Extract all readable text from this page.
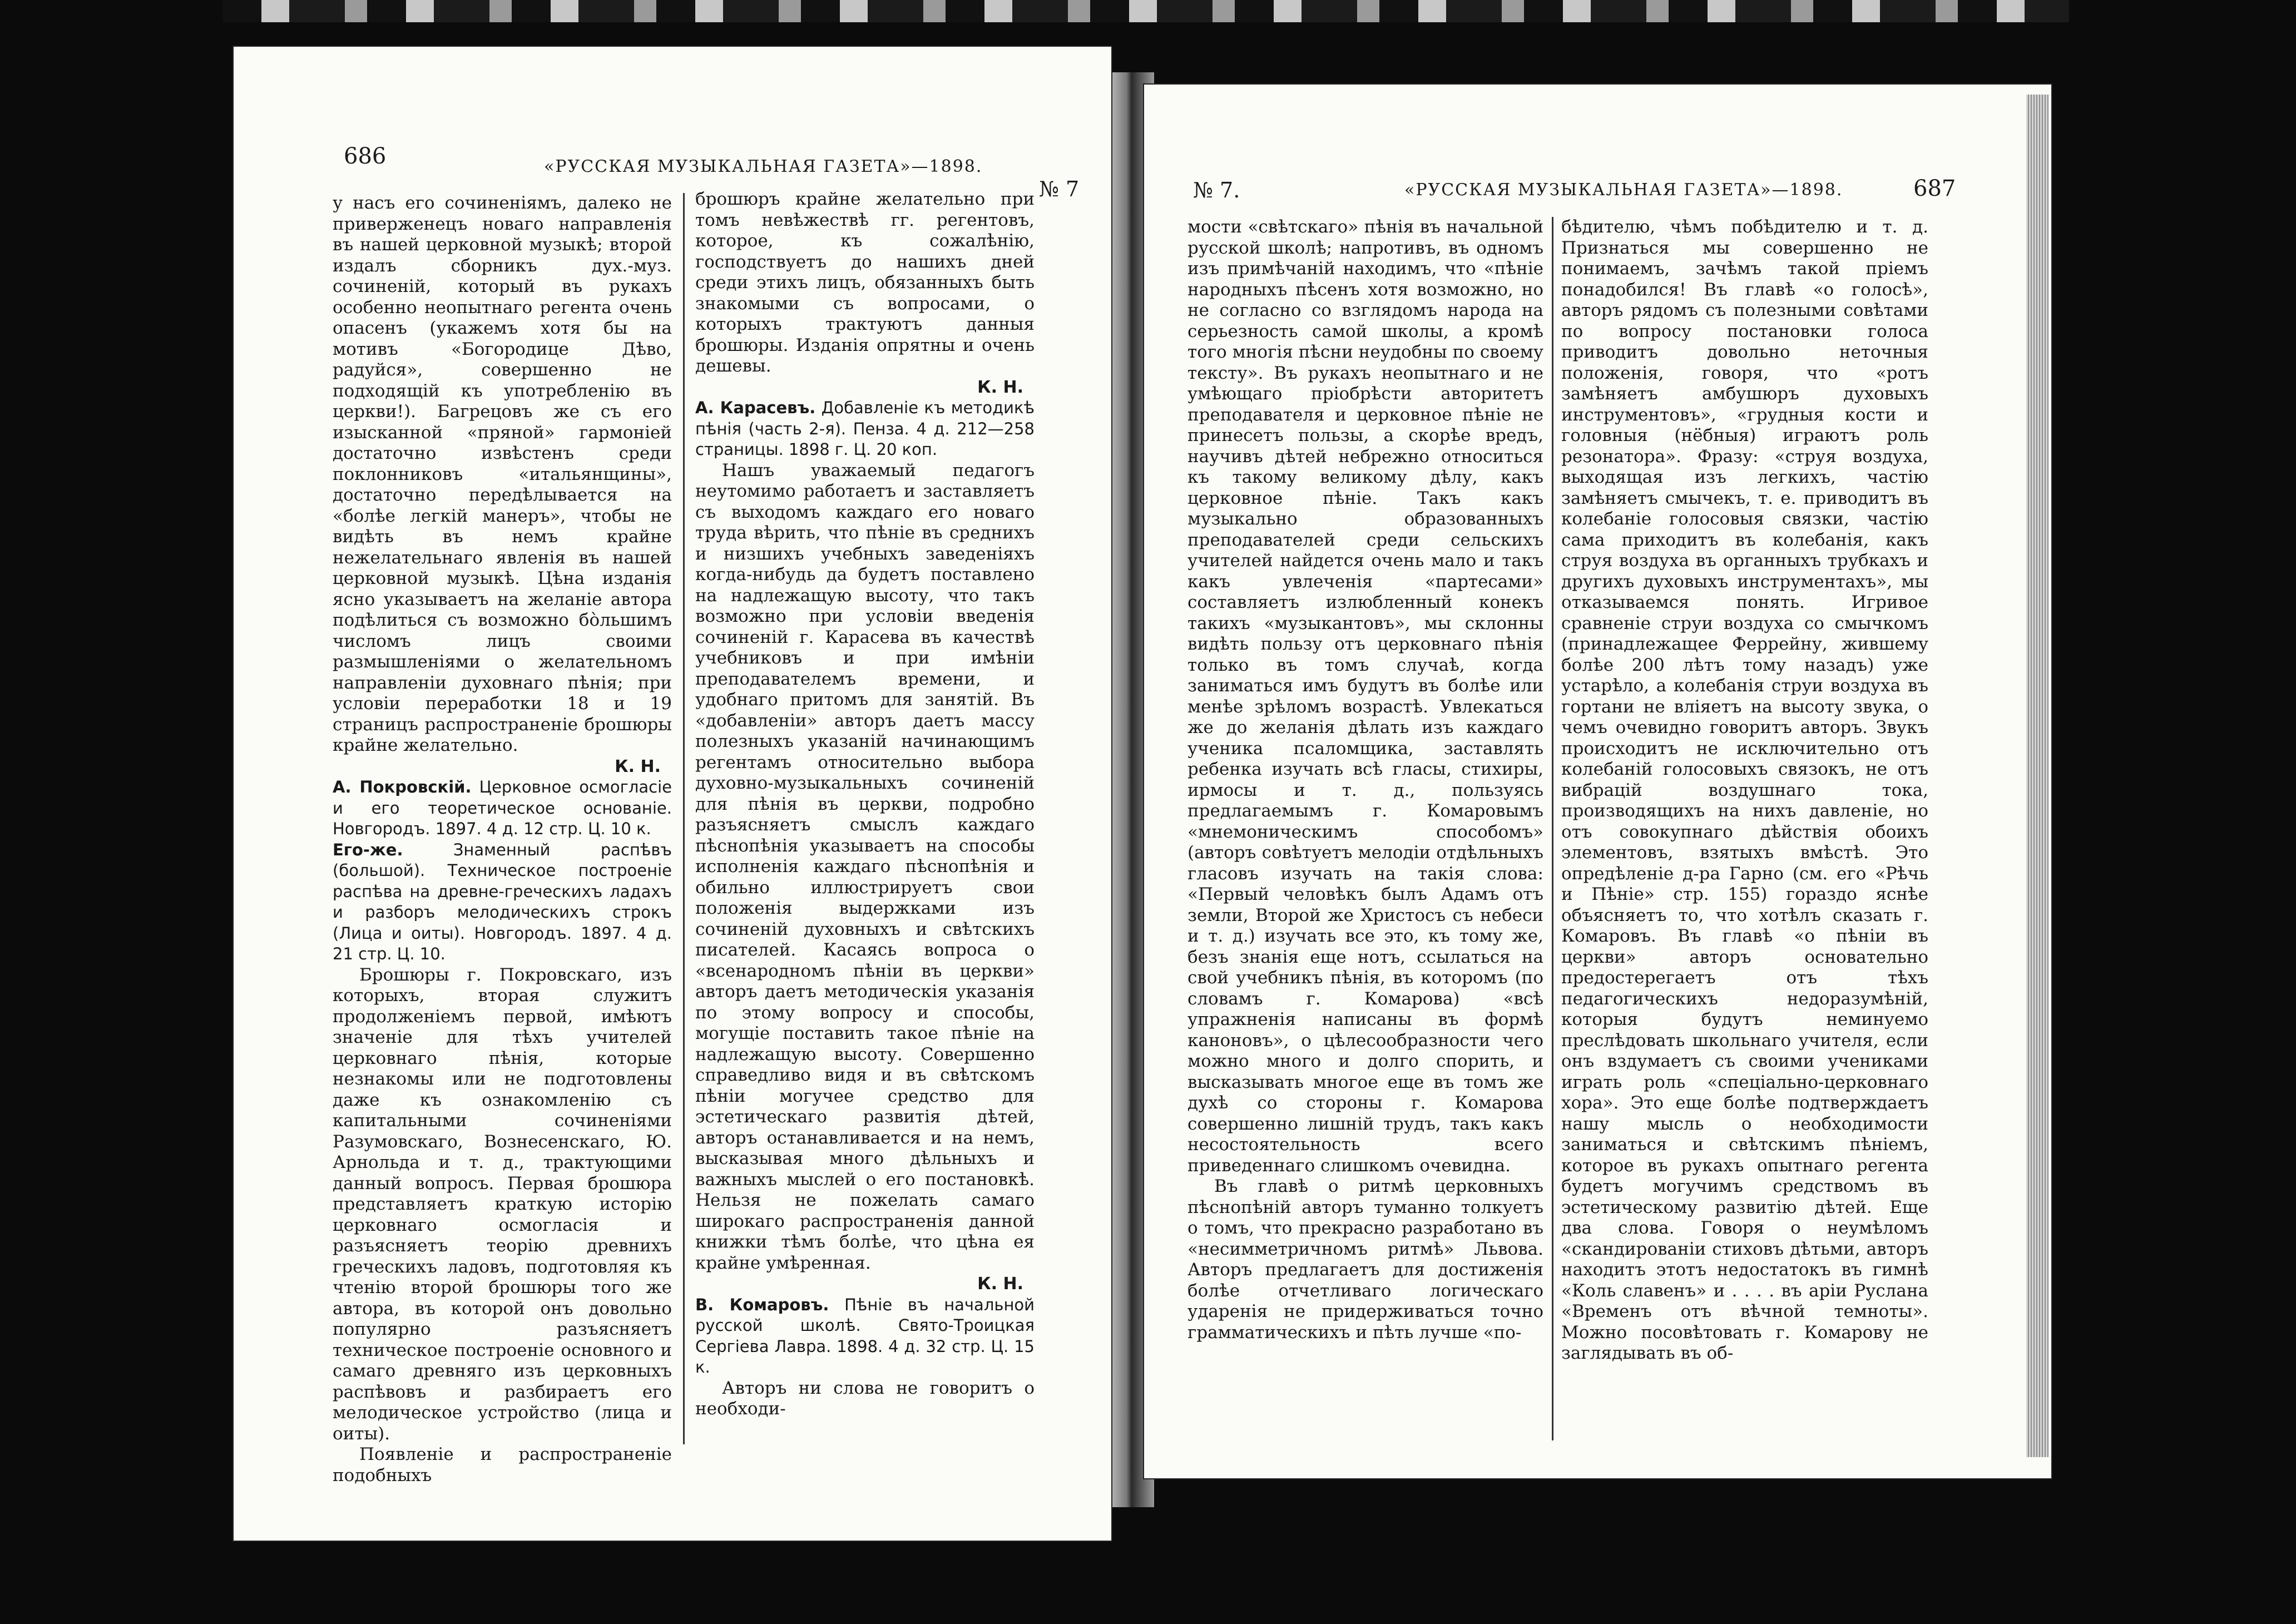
686	«РУССКАЯ МУЗЫКАЛЬНАЯ ГАЗЕТА»—1898.
№ 7

у насъ его сочиненіямъ, далеко не приверженецъ новаго направленія въ нашей церковной музыкѣ; второй издалъ сборникъ дух.-муз. сочиненій, который въ рукахъ особенно неопытнаго регента очень опасенъ (укажемъ хотя бы на мотивъ «Богородице Дѣво, радуйся», совершенно не подходящій къ употребленію въ церкви!). Багрецовъ же съ его изысканной «пряной» гармоніей достаточно извѣстенъ среди поклонниковъ «итальянщины», достаточно передѣлывается на «болѣе легкій манеръ», чтобы не видѣть въ немъ крайне нежелательнаго явленія въ нашей церковной музыкѣ. Цѣна изданія ясно указываетъ на желаніе автора подѣлиться съ возможно бо̀льшимъ числомъ лицъ своими размышленіями о желательномъ направленіи духовнаго пѣнія; при условіи переработки 18 и 19 страницъ распространеніе брошюры крайне желательно.

К. Н.

А. Покровскій. Церковное осмогласіе и его теоретическое основаніе. Новгородъ. 1897. 4 д. 12 стр. Ц. 10 к.

Его-же.	Знаменный распѣвъ (большой). Техническое построеніе распѣва на древне-греческихъ ладахъ и разборъ мелодическихъ строкъ (Лица и оиты). Новгородъ. 1897. 4 д. 21 стр. Ц. 10.

Брошюры г. Покровскаго, изъ которыхъ, вторая служитъ продолженіемъ первой, имѣютъ значеніе для тѣхъ учителей церковнаго пѣнія, которые незнакомы или не подготовлены даже къ ознакомленію съ капитальными сочиненіями Разумовскаго, Вознесенскаго, Ю. Арнольда и т. д., трактующими данный вопросъ. Первая брошюра представляетъ краткую исторію церковнаго осмогласія и разъясняетъ теорію древнихъ греческихъ ладовъ, подготовляя къ чтенію второй брошюры того же автора, въ которой онъ довольно популярно разъясняетъ техническое построеніе основного и самаго древняго изъ церковныхъ распѣвовъ и разбираетъ его мелодическое устройство (лица и оиты).

Появленіе и распространеніе подобныхъ

брошюръ крайне желательно при томъ невѣжествѣ гг. регентовъ, которое, къ сожалѣнію, господствуетъ до нашихъ дней среди этихъ лицъ, обязанныхъ быть знакомыми съ вопросами, о которыхъ трактуютъ данныя брошюры. Изданія опрятны и очень дешевы.

К. Н.

А. Карасевъ. Добавленіе къ методикѣ пѣнія (часть 2-я). Пенза. 4 д. 212—258 страницы. 1898 г. Ц. 20 коп.

Нашъ уважаемый педагогъ неутомимо работаетъ и заставляетъ съ выходомъ каждаго его новаго труда вѣрить, что пѣніе въ среднихъ и низшихъ учебныхъ заведеніяхъ когда-нибудь да будетъ поставлено на надлежащую высоту, что такъ возможно при условіи введенія сочиненій г. Карасева въ качествѣ учебниковъ и при имѣніи преподавателемъ времени, и удобнаго притомъ для занятій. Въ «добавленіи» авторъ даетъ массу полезныхъ указаній начинающимъ регентамъ относительно выбора духовно-музыкальныхъ сочиненій для пѣнія въ церкви, подробно разъясняетъ смыслъ каждаго пѣснопѣнія указываетъ на способы исполненія каждаго пѣснопѣнія и обильно иллюстрируетъ свои положенія выдержками изъ сочиненій духовныхъ и свѣтскихъ писателей. Касаясь вопроса о «всенародномъ пѣніи въ церкви» авторъ даетъ методическія указанія по этому вопросу и способы, могущіе поставить такое пѣніе на надлежащую высоту. Совершенно справедливо видя и въ свѣтскомъ пѣніи могучее средство для эстетическаго развитія дѣтей, авторъ останавливается и на немъ, высказывая много дѣльныхъ и важныхъ мыслей о его постановкѣ. Нельзя не пожелать самаго широкаго распространенія данной книжки тѣмъ болѣе, что цѣна ея крайне умѣренная.

К. Н.

В. Комаровъ. Пѣніе въ начальной русской школѣ. Свято-Троицкая Сергіева Лавра. 1898. 4 д. 32 стр. Ц. 15 к.

Авторъ ни слова не говоритъ о необходи-

№ 7.	«РУССКАЯ МУЗЫКАЛЬНАЯ ГАЗЕТА»—1898.	687

мости «свѣтскаго» пѣнія въ начальной русской школѣ; напротивъ, въ одномъ изъ примѣчаній находимъ, что «пѣніе народныхъ пѣсенъ хотя возможно, но не согласно со взглядомъ народа на серьезность самой школы, а кромѣ того многія пѣсни неудобны по своему тексту». Въ рукахъ неопытнаго и не умѣющаго пріобрѣсти авторитетъ преподавателя и церковное пѣніе не принесетъ пользы, а скорѣе вредъ, научивъ дѣтей небрежно относиться къ такому великому дѣлу, какъ церковное пѣніе. Такъ какъ музыкально образованныхъ преподавателей среди сельскихъ учителей найдется очень мало и такъ какъ увлеченія «партесами» составляетъ излюбленный конекъ такихъ «музыкантовъ», мы склонны видѣть пользу отъ церковнаго пѣнія только въ томъ случаѣ, когда заниматься имъ будутъ въ болѣе или менѣе зрѣломъ возрастѣ. Увлекаться же до желанія дѣлать изъ каждаго ученика псаломщика, заставлять ребенка изучать всѣ гласы, стихиры, ирмосы и т. д., пользуясь предлагаемымъ г. Комаровымъ «мнемоническимъ способомъ» (авторъ совѣтуетъ мелодіи отдѣльныхъ гласовъ изучать на такія слова: «Первый человѣкъ былъ Адамъ отъ земли, Второй же Христосъ съ небеси и т. д.) изучать все это, къ тому же, безъ знанія еще нотъ, ссылаться на свой учебникъ пѣнія, въ которомъ (по словамъ г. Комарова) «всѣ упражненія написаны въ формѣ каноновъ», о цѣлесообразности чего можно много и долго спорить, и высказывать многое еще въ томъ же духѣ со стороны г. Комарова совершенно лишній трудъ, такъ какъ несостоятельность всего приведеннаго слишкомъ очевидна.

Въ главѣ о ритмѣ церковныхъ пѣснопѣній авторъ туманно толкуетъ о томъ, что прекрасно разработано въ «несимметричномъ ритмѣ» Львова. Авторъ предлагаетъ для достиженія болѣе отчетливаго логическаго ударенія не придерживаться точно грамматическихъ и пѣть лучше «по-

бѣдителю, чѣмъ побѣдителю и т. д. Признаться мы совершенно не понимаемъ, зачѣмъ такой пріемъ понадобился! Въ главѣ «о голосѣ», авторъ рядомъ съ полезными совѣтами по вопросу постановки голоса приводитъ довольно неточныя положенія, говоря, что «ротъ замѣняетъ амбушюръ духовыхъ инструментовъ», «грудныя кости и головныя (нёбныя) играютъ роль резонатора». Фразу: «струя воздуха, выходящая изъ легкихъ, частію замѣняетъ смычекъ, т. е. приводитъ въ колебаніе голосовыя связки, частію сама приходитъ въ колебанія, какъ струя воздуха въ органныхъ трубкахъ и другихъ духовыхъ инструментахъ», мы отказываемся понять. Игривое сравненіе струи воздуха со смычкомъ (принадлежащее Феррейну, жившему болѣе 200 лѣтъ тому назадъ) уже устарѣло, а колебанія струи воздуха въ гортани не вліяетъ на высоту звука, о чемъ очевидно говоритъ авторъ. Звукъ происходитъ не исключительно отъ колебаній голосовыхъ связокъ, не отъ вибрацій воздушнаго тока, производящихъ на нихъ давленіе, но отъ совокупнаго дѣйствія обоихъ элементовъ, взятыхъ вмѣстѣ. Это опредѣленіе д-ра Гарно (см. его «Рѣчь и Пѣніе» стр. 155) гораздо яснѣе объясняетъ то, что хотѣлъ сказать г. Комаровъ. Въ главѣ «о пѣніи въ церкви» авторъ основательно предостерегаетъ отъ тѣхъ педагогическихъ недоразумѣній, которыя будутъ неминуемо преслѣдовать школьнаго учителя, если онъ вздумаетъ съ своими учениками играть роль «спеціально-церковнаго хора». Это еще болѣе подтверждаетъ нашу мысль о необходимости заниматься и свѣтскимъ пѣніемъ, которое въ рукахъ опытнаго регента будетъ могучимъ средствомъ въ эстетическому развитію дѣтей. Еще два слова. Говоря о неумѣломъ «скандированіи стиховъ дѣтьми, авторъ находитъ этотъ недостатокъ въ гимнѣ «Коль славенъ» и . . . . въ аріи Руслана «Временъ отъ вѣчной темноты». Можно посовѣтовать г. Комарову не заглядывать въ об-
